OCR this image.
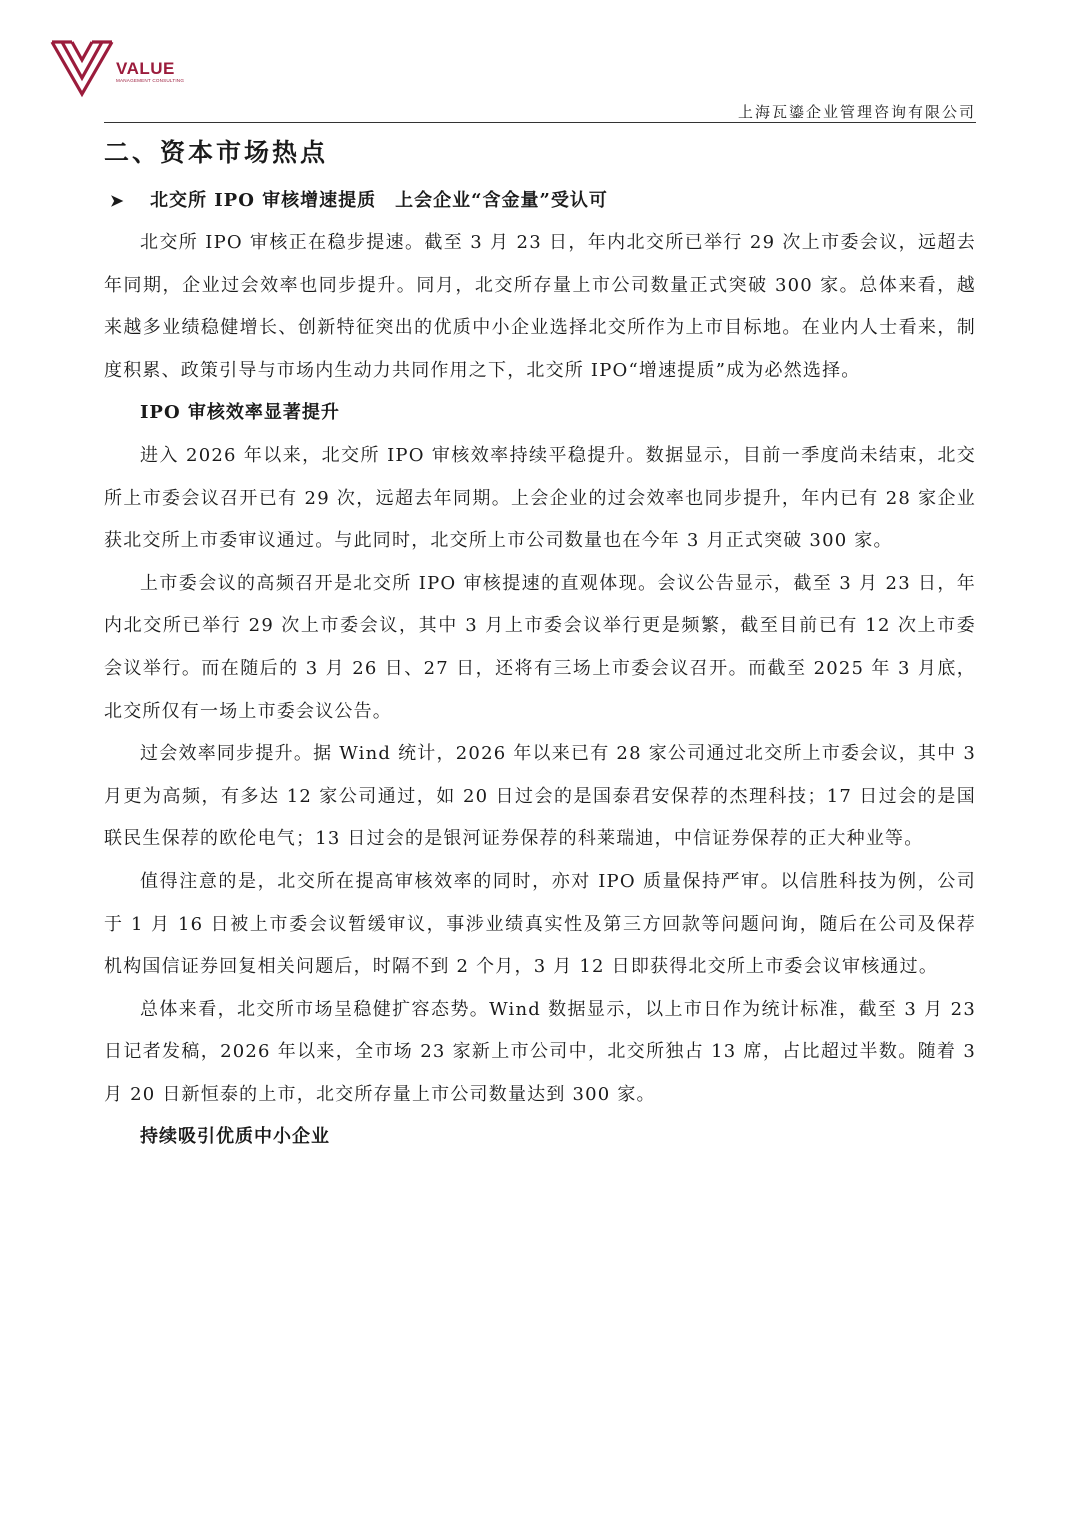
VALUE
MANAGEMENT CONSULTING
上海瓦鎏企业管理咨询有限公司
二、资本市场热点
➤ 北交所 IPO 审核增速提质　上会企业“含金量”受认可

北交所 IPO 审核正在稳步提速。截至 3 月 23 日，年内北交所已举行 29 次上市委会议，远超去年同期，企业过会效率也同步提升。同月，北交所存量上市公司数量正式突破 300 家。总体来看，越来越多业绩稳健增长、创新特征突出的优质中小企业选择北交所作为上市目标地。在业内人士看来，制度积累、政策引导与市场内生动力共同作用之下，北交所 IPO“增速提质”成为必然选择。

IPO 审核效率显著提升

进入 2026 年以来，北交所 IPO 审核效率持续平稳提升。数据显示，目前一季度尚未结束，北交所上市委会议召开已有 29 次，远超去年同期。上会企业的过会效率也同步提升，年内已有 28 家企业获北交所上市委审议通过。与此同时，北交所上市公司数量也在今年 3 月正式突破 300 家。

上市委会议的高频召开是北交所 IPO 审核提速的直观体现。会议公告显示，截至 3 月 23 日，年内北交所已举行 29 次上市委会议，其中 3 月上市委会议举行更是频繁，截至目前已有 12 次上市委会议举行。而在随后的 3 月 26 日、27 日，还将有三场上市委会议召开。而截至 2025 年 3 月底，北交所仅有一场上市委会议公告。

过会效率同步提升。据 Wind 统计，2026 年以来已有 28 家公司通过北交所上市委会议，其中 3 月更为高频，有多达 12 家公司通过，如 20 日过会的是国泰君安保荐的杰理科技；17 日过会的是国联民生保荐的欧伦电气；13 日过会的是银河证券保荐的科莱瑞迪，中信证券保荐的正大种业等。

值得注意的是，北交所在提高审核效率的同时，亦对 IPO 质量保持严审。以信胜科技为例，公司于 1 月 16 日被上市委会议暂缓审议，事涉业绩真实性及第三方回款等问题问询，随后在公司及保荐机构国信证券回复相关问题后，时隔不到 2 个月，3 月 12 日即获得北交所上市委会议审核通过。

总体来看，北交所市场呈稳健扩容态势。Wind 数据显示，以上市日作为统计标准，截至 3 月 23 日记者发稿，2026 年以来，全市场 23 家新上市公司中，北交所独占 13 席，占比超过半数。随着 3 月 20 日新恒泰的上市，北交所存量上市公司数量达到 300 家。

持续吸引优质中小企业
